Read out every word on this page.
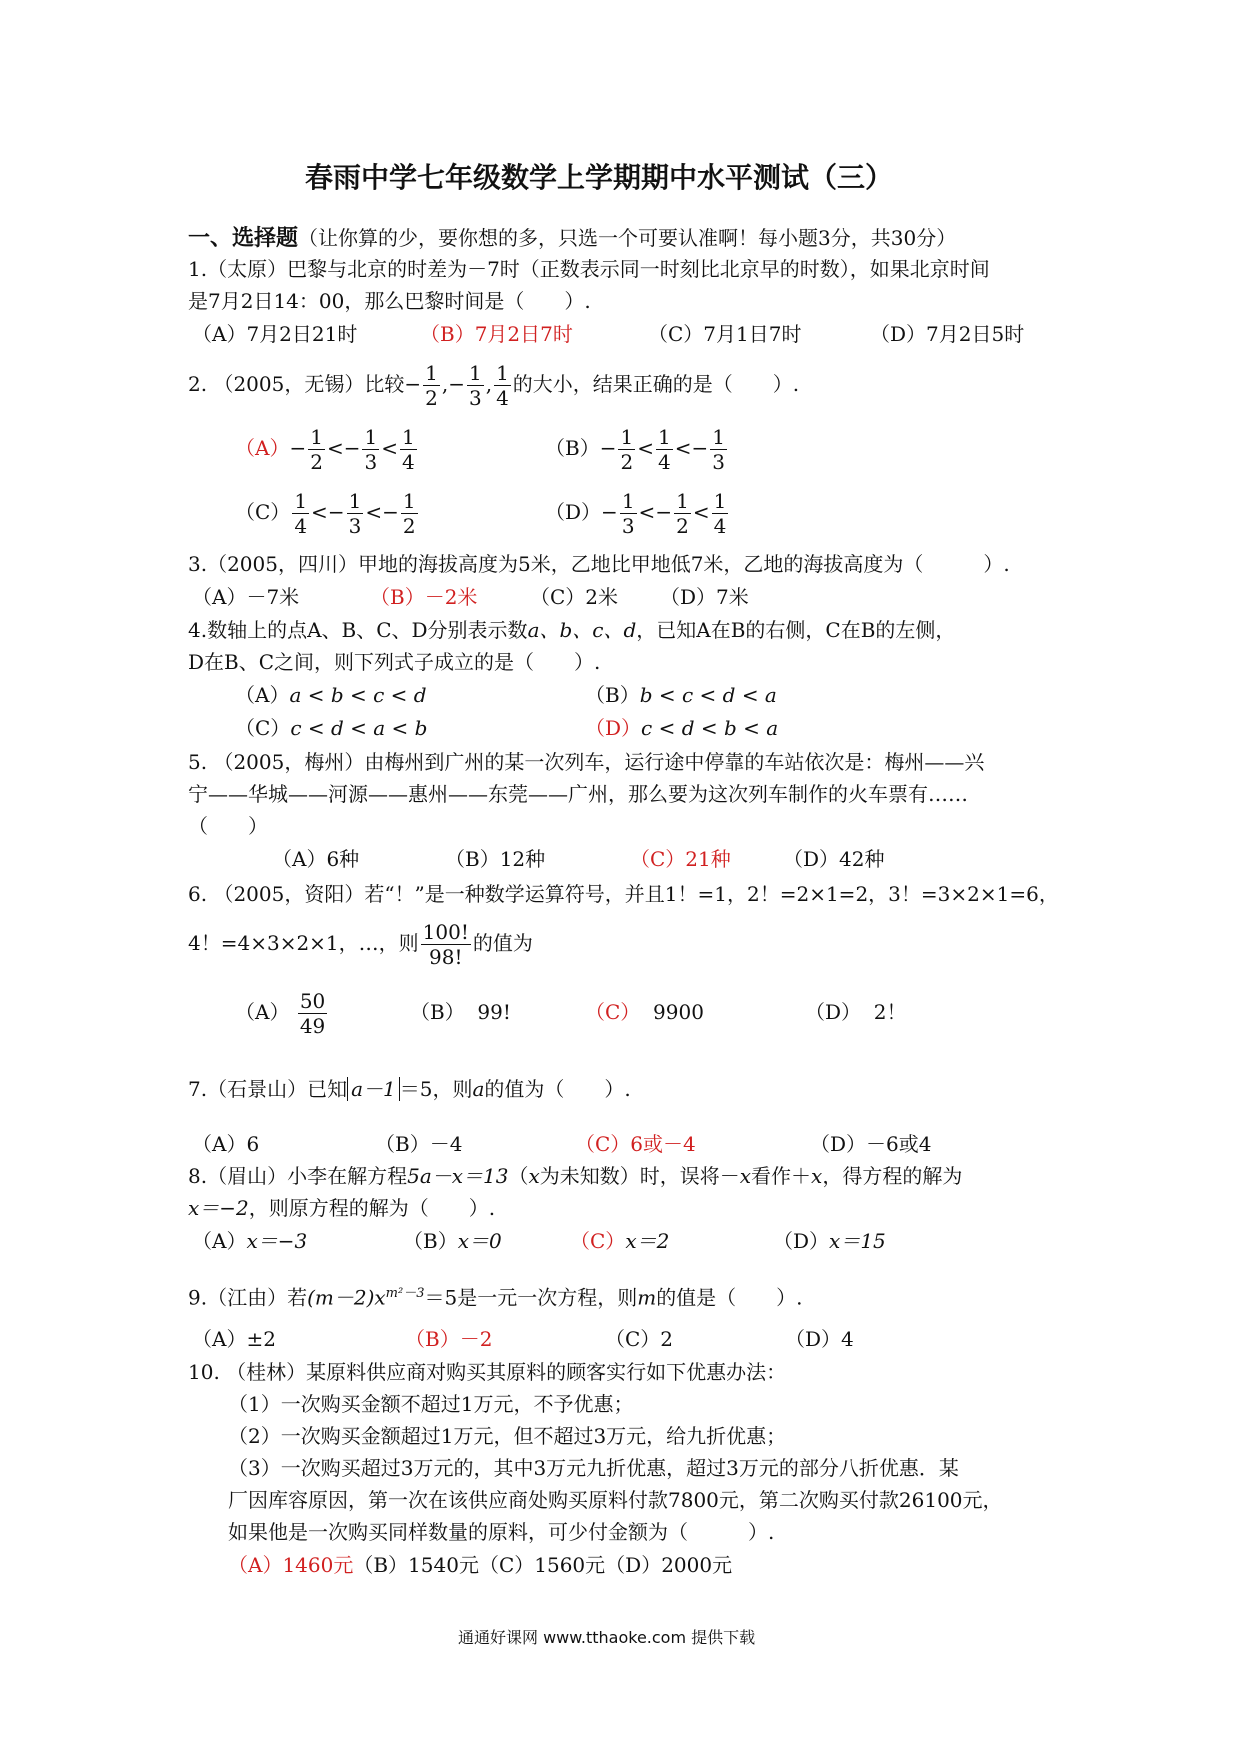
春雨中学七年级数学上学期期中水平测试（三）
一、选择题（让你算的少，要你想的多，只选一个可要认准啊！每小题3分，共30分）
1.（太原）巴黎与北京的时差为－7时（正数表示同一时刻比北京早的时数），如果北京时间
是7月2日14：00，那么巴黎时间是（　　）.
（A）7月2日21时	（B）7月2日7时	（C）7月1日7时	（D）7月2日5时
2. （2005，无锡）比较− $\frac{1}{2}$ ,− $\frac{1}{3}$ , $\frac{1}{4}$ 的大小，结果正确的是（　　）.
$(A)- \frac{1}{2} <- \frac{1}{3} < \frac{1}{4}$	$(B)- \frac{1}{2} < \frac{1}{4} <- \frac{1}{3}$
$(C) \frac{1}{4} <- \frac{1}{3} <- \frac{1}{2}$	$(D)- \frac{1}{3} <- \frac{1}{2} < \frac{1}{4}$
3.（2005，四川）甲地的海拔高度为5米，乙地比甲地低7米，乙地的海拔高度为（　　　）.
（A）－7米	（B）－2米	（C）2米 （D）7米
4.数轴上的点A、B、C、D分别表示数a、b、c、d，已知A在B的右侧，C在B的左侧，
D在B、C之间，则下列式子成立的是（　　）.
（A）a < b < c < d	（B）b < c < d < a
（C）c < d < a < b	（D）c < d < b < a
5. （2005，梅州）由梅州到广州的某一次列车，运行途中停靠的车站依次是：梅州——兴
宁——华城——河源——惠州——东莞——广州，那么要为这次列车制作的火车票有……
（　　）
（A）6种	（B）12种	（C）21种	（D）42种
6. （2005，资阳）若“！”是一种数学运算符号，并且1！=1，2！=2×1=2，3！=3×2×1=6，
4！=4×3×2×1，…，则 $\frac{100!}{98!}$ 的值为
$(A) \frac{50}{49}$	（B） 99!	（C） 9900	（D） 2！
7.（石景山）已知 a－1 ＝5，则a的值为（　　）.
（A）6	（B）－4	（C）6或－4	（D）－6或4
8.（眉山）小李在解方程5a－x＝13（x为未知数）时，误将－x看作＋x，得方程的解为
x＝−2，则原方程的解为（　　）.
（A）x＝−3	（B）x＝0	（C）x＝2	（D）x＝15
9.（江由）若$(m-2)x^{m^2-3}=5$是一元一次方程，则m的值是（　　）.
（A）±2	（B）－2	（C）2	（D）4
10. （桂林）某原料供应商对购买其原料的顾客实行如下优惠办法：
（1）一次购买金额不超过1万元，不予优惠；
（2）一次购买金额超过1万元，但不超过3万元，给九折优惠；
（3）一次购买超过3万元的，其中3万元九折优惠，超过3万元的部分八折优惠．某
厂因库容原因，第一次在该供应商处购买原料付款7800元，第二次购买付款26100元，
如果他是一次购买同样数量的原料，可少付金额为（　　　）.
（A）1460元（B）1540元（C）1560元（D）2000元
通通好课网 www.tthaoke.com 提供下载
